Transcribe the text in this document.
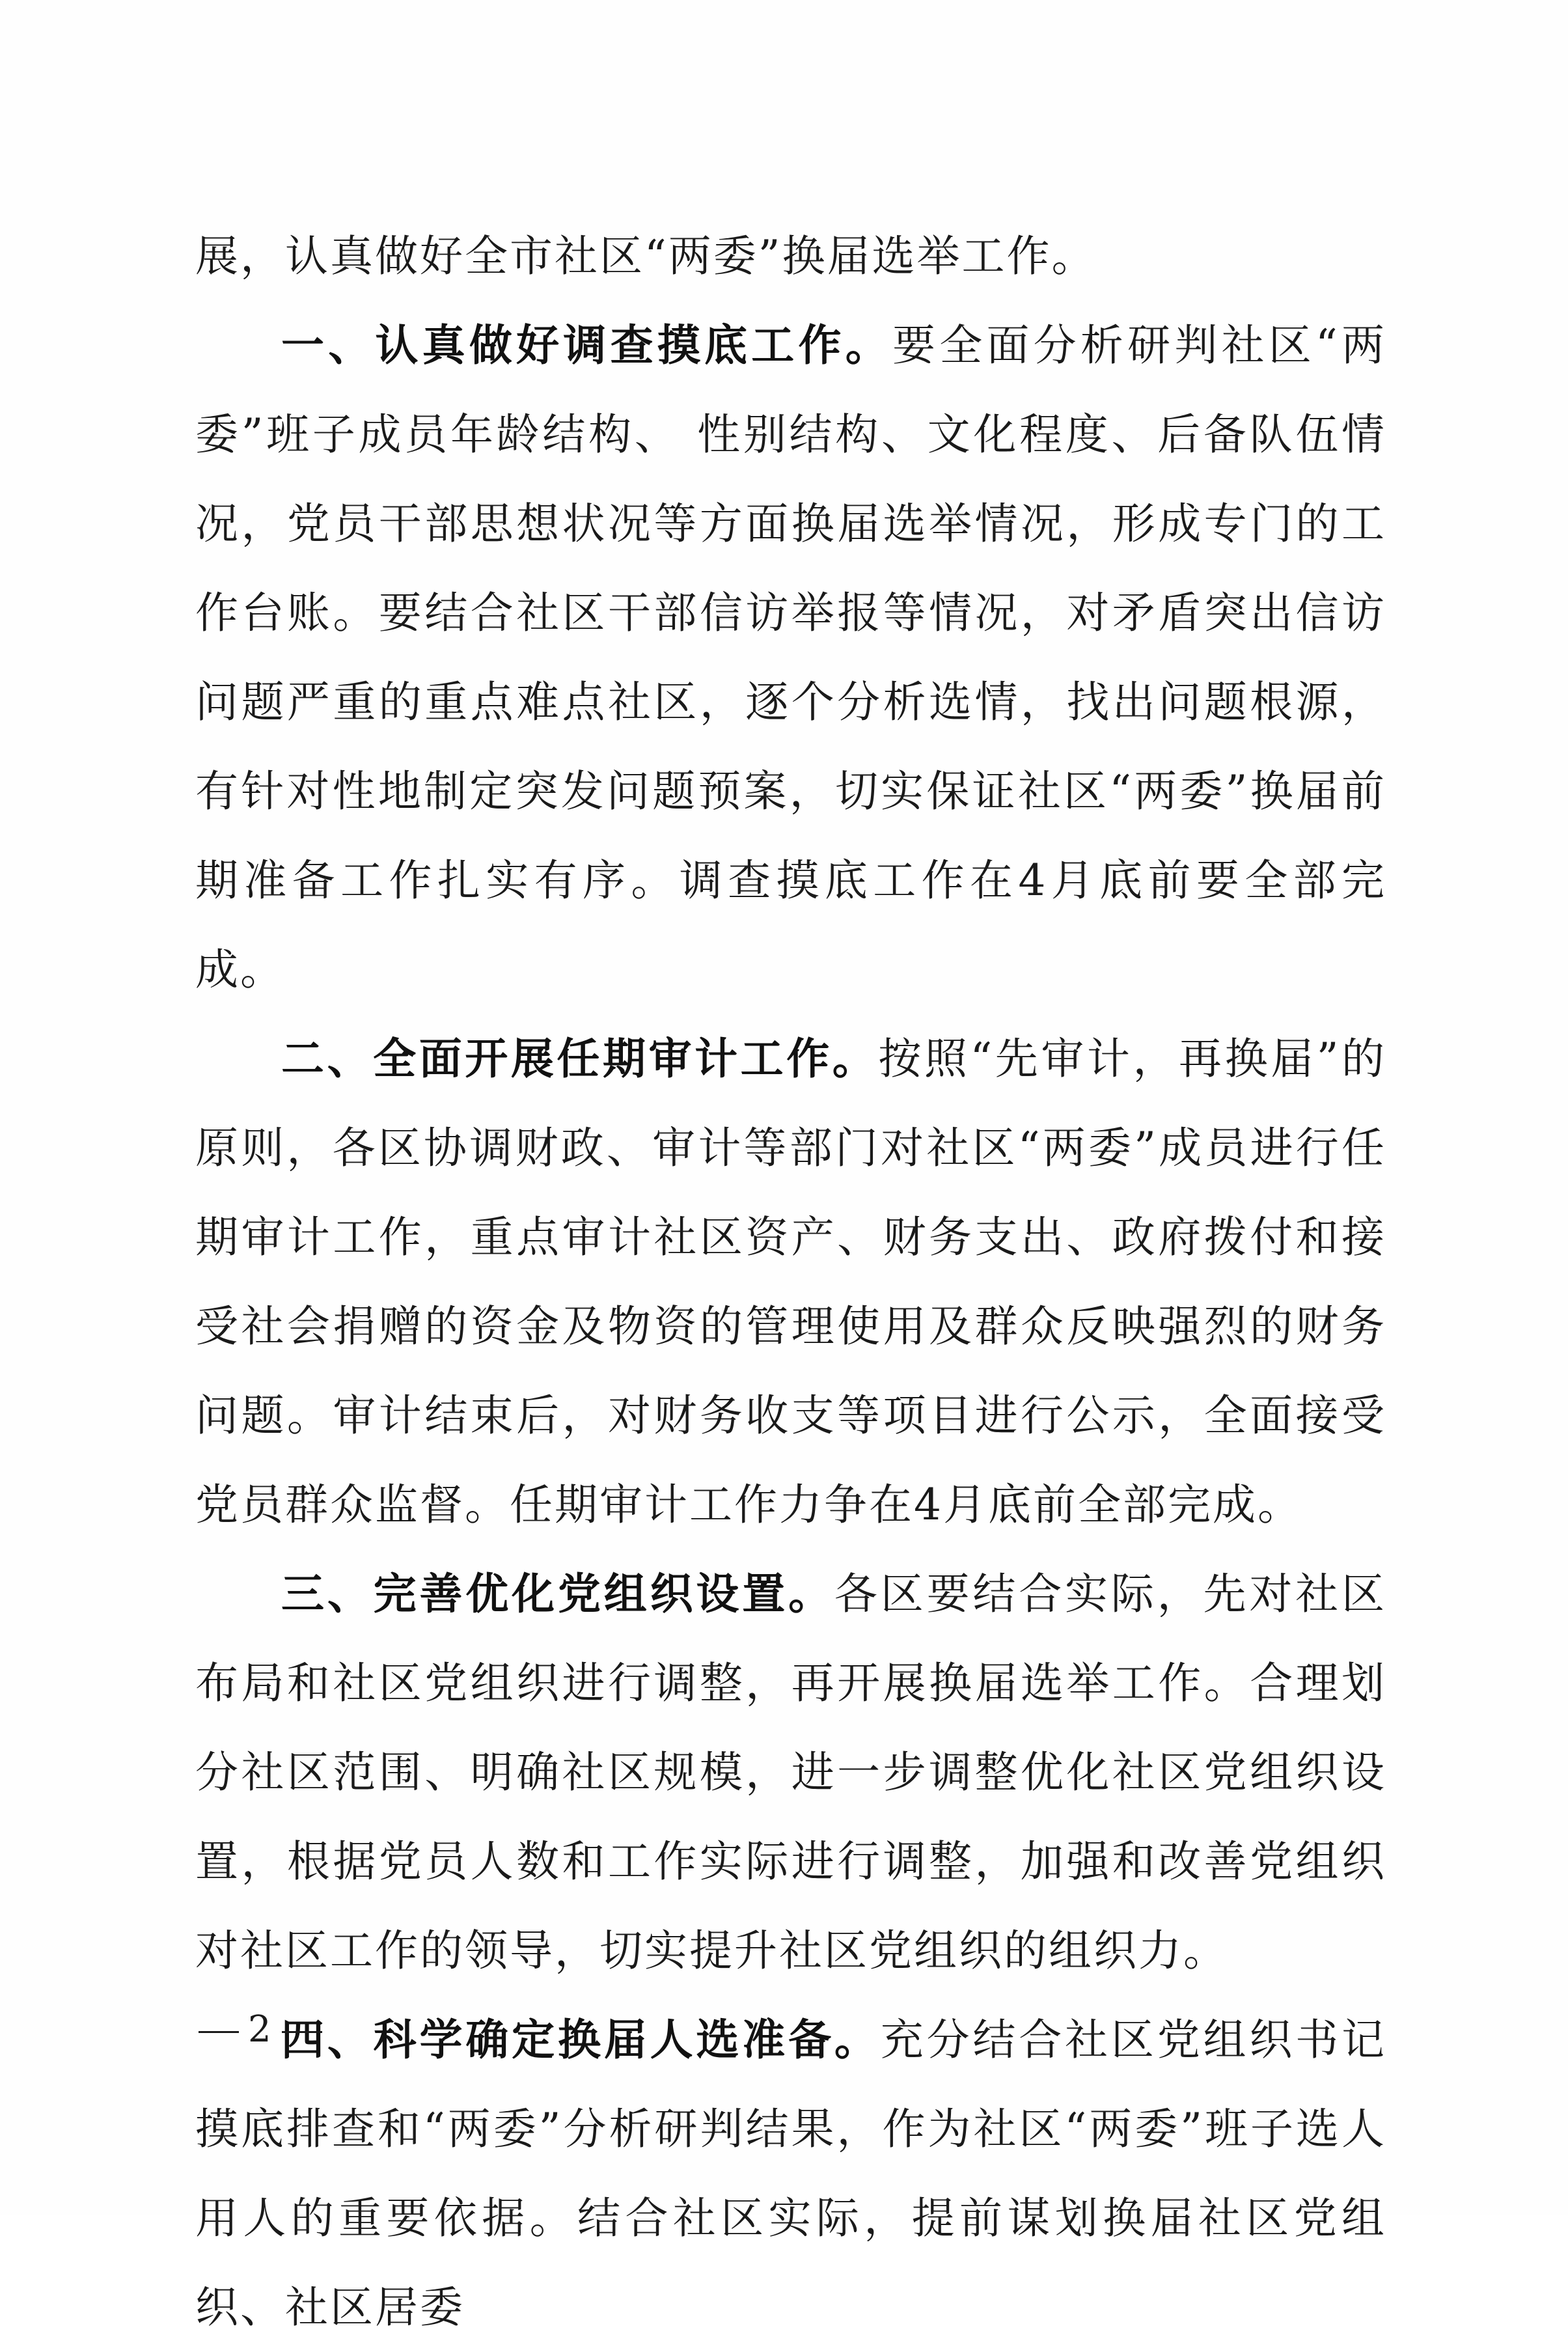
展，认真做好全市社区“两委”换届选举工作。

一、认真做好调查摸底工作。要全面分析研判社区“两委”班子成员年龄结构、 性别结构、文化程度、后备队伍情况，党员干部思想状况等方面换届选举情况，形成专门的工作台账。要结合社区干部信访举报等情况，对矛盾突出信访问题严重的重点难点社区，逐个分析选情，找出问题根源，有针对性地制定突发问题预案，切实保证社区“两委”换届前期准备工作扎实有序。调查摸底工作在4月底前要全部完成。

二、全面开展任期审计工作。按照“先审计，再换届”的原则，各区协调财政、审计等部门对社区“两委”成员进行任期审计工作，重点审计社区资产、财务支出、政府拨付和接受社会捐赠的资金及物资的管理使用及群众反映强烈的财务问题。审计结束后，对财务收支等项目进行公示，全面接受党员群众监督。任期审计工作力争在4月底前全部完成。

三、完善优化党组织设置。各区要结合实际，先对社区布局和社区党组织进行调整，再开展换届选举工作。合理划分社区范围、明确社区规模，进一步调整优化社区党组织设置，根据党员人数和工作实际进行调整，加强和改善党组织对社区工作的领导，切实提升社区党组织的组织力。

四、科学确定换届人选准备。充分结合社区党组织书记摸底排查和“两委”分析研判结果，作为社区“两委”班子选人用人的重要依据。结合社区实际，提前谋划换届社区党组织、社区居委

2
